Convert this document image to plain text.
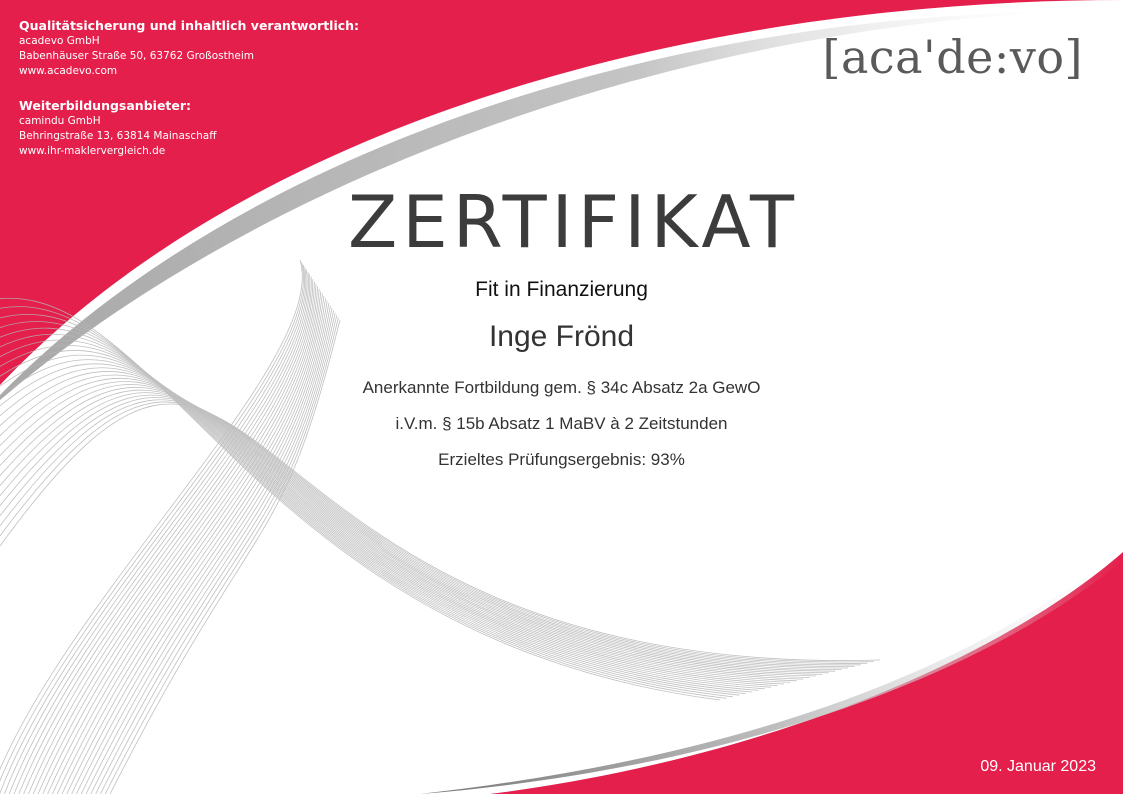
Qualitätsicherung und inhaltlich verantwortlich:
acadevo GmbH
Babenhäuser Straße 50, 63762 Großostheim
www.acadevo.com
Weiterbildungsanbieter:
camindu GmbH
Behringstraße 13, 63814 Mainaschaff
www.ihr-maklervergleich.de
[aca'de:vo]
ZERTIFIKAT
Fit in Finanzierung
Inge Frönd
Anerkannte Fortbildung gem. § 34c Absatz 2a GewO
i.V.m. § 15b Absatz 1 MaBV à 2 Zeitstunden
Erzieltes Prüfungsergebnis: 93%
09. Januar 2023
